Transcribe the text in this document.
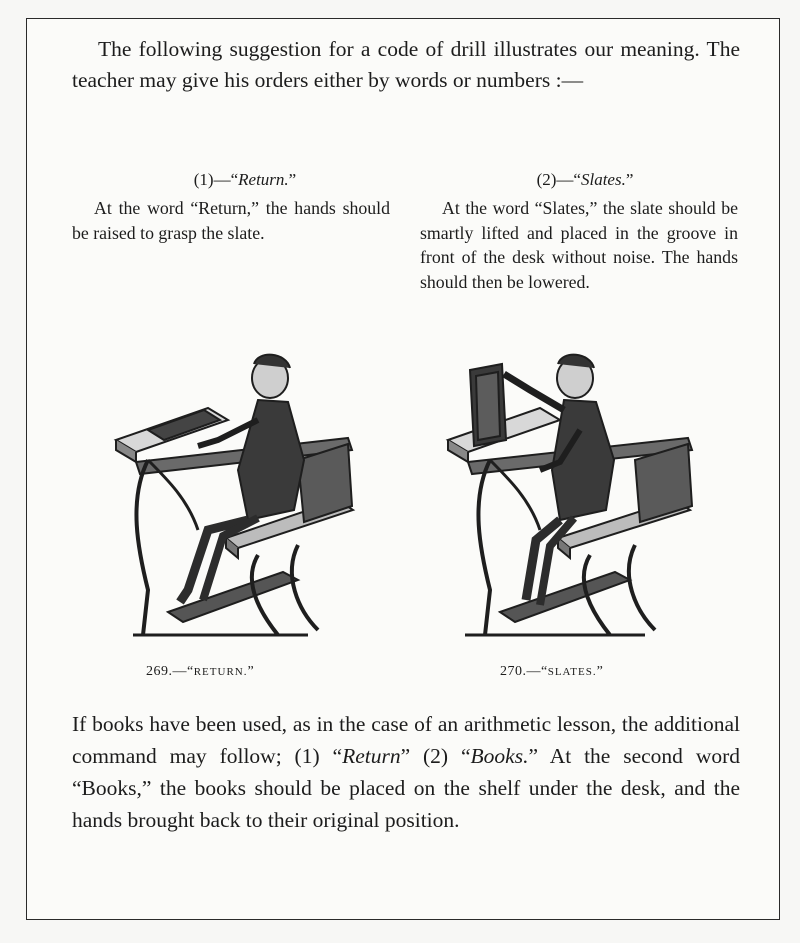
The following suggestion for a code of drill illustrates our meaning. The teacher may give his orders either by words or numbers :—

(1)—“Return.”

At the word “Return,” the hands should be raised to grasp the slate.

(2)—“Slates.”

At the word “Slates,” the slate should be smartly lifted and placed in the groove in front of the desk without noise. The hands should then be lowered.

269.—“RETURN.”	270.—“SLATES.”

If books have been used, as in the case of an arithmetic lesson, the additional command may follow; (1) “Return” (2) “Books.” At the second word “Books,” the books should be placed on the shelf under the desk, and the hands brought back to their original position.
